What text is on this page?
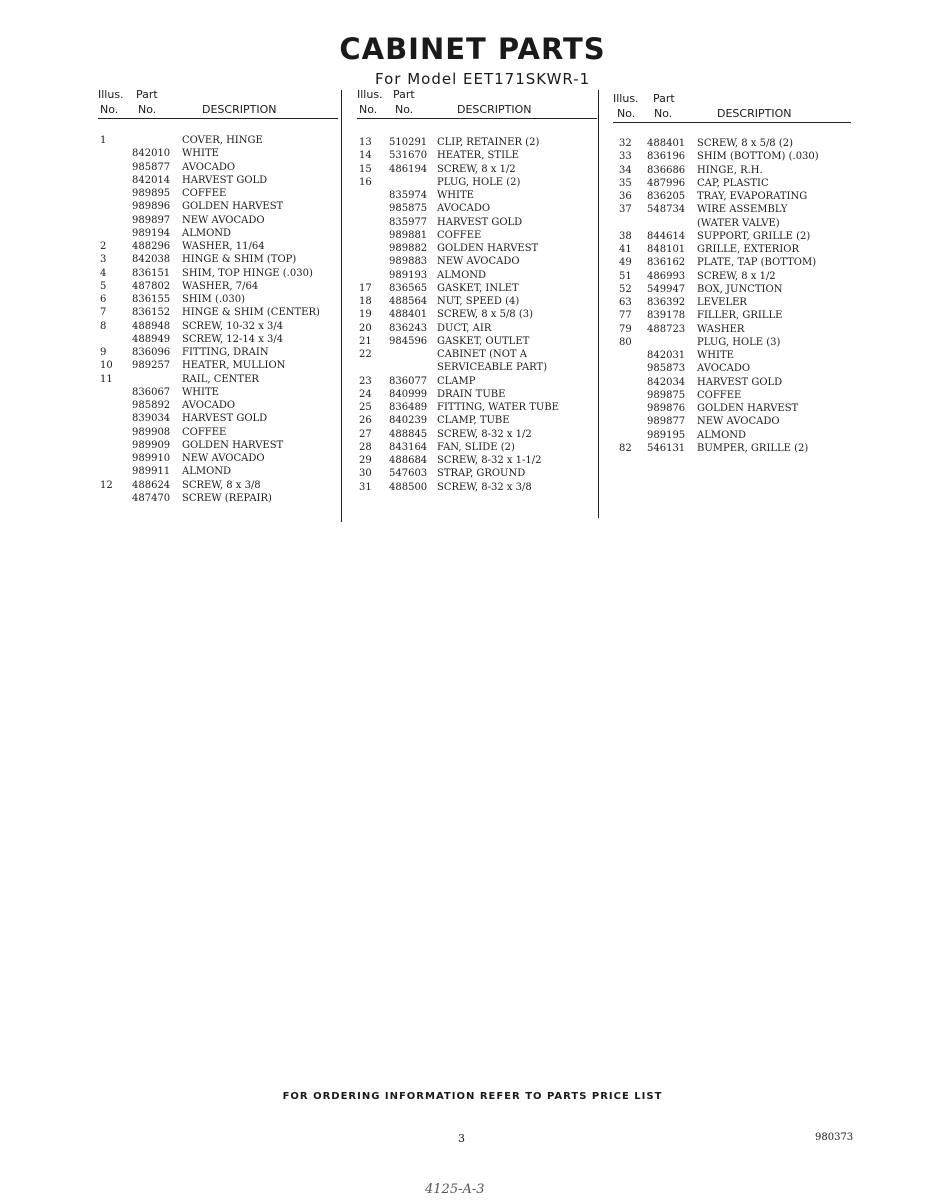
CABINET PARTS
For Model EET171SKWR-1
Illus. Part
No. No.	DESCRIPTION
1	COVER, HINGE
842010 WHITE
985877 AVOCADO
842014 HARVEST GOLD
989895 COFFEE
989896 GOLDEN HARVEST
989897 NEW AVOCADO
989194 ALMOND
2	488296 WASHER, 11/64
3	842038 HINGE & SHIM (TOP)
4	836151 SHIM, TOP HINGE (.030)
5	487802 WASHER, 7/64
6	836155 SHIM (.030)
7	836152 HINGE & SHIM (CENTER)
8	488948 SCREW, 10-32 x 3/4
488949 SCREW, 12-14 x 3/4
9	836096 FITTING, DRAIN
10 989257 HEATER, MULLION
11	RAIL, CENTER
836067 WHITE
985892 AVOCADO
839034 HARVEST GOLD
989908 COFFEE
989909 GOLDEN HARVEST
989910 NEW AVOCADO
989911 ALMOND
12 488624 SCREW, 8 x 3/8
487470 SCREW (REPAIR)
Illus. Part
No. No.	DESCRIPTION
13 510291 CLIP, RETAINER (2)
14 531670 HEATER, STILE
15 486194 SCREW, 8 x 1/2
16	PLUG, HOLE (2)
835974 WHITE
985875 AVOCADO
835977 HARVEST GOLD
989881 COFFEE
989882 GOLDEN HARVEST
989883 NEW AVOCADO
989193 ALMOND
17 836565 GASKET, INLET
18 488564 NUT, SPEED (4)
19 488401 SCREW, 8 x 5/8 (3)
20 836243 DUCT, AIR
21 984596 GASKET, OUTLET
22	CABINET (NOT A
SERVICEABLE PART)
23 836077 CLAMP
24 840999 DRAIN TUBE
25 836489 FITTING, WATER TUBE
26 840239 CLAMP, TUBE
27 488845 SCREW, 8-32 x 1/2
28 843164 FAN, SLIDE (2)
29 488684 SCREW, 8-32 x 1-1/2
30 547603 STRAP, GROUND
31 488500 SCREW, 8-32 x 3/8
Illus. Part
No. No.	DESCRIPTION
32 488401 SCREW, 8 x 5/8 (2)
33 836196 SHIM (BOTTOM) (.030)
34 836686 HINGE, R.H.
35 487996 CAP, PLASTIC
36 836205 TRAY, EVAPORATING
37 548734 WIRE ASSEMBLY
(WATER VALVE)
38 844614 SUPPORT, GRILLE (2)
41 848101 GRILLE, EXTERIOR
49 836162 PLATE, TAP (BOTTOM)
51 486993 SCREW, 8 x 1/2
52 549947 BOX, JUNCTION
63 836392 LEVELER
77 839178 FILLER, GRILLE
79 488723 WASHER
80	PLUG, HOLE (3)
842031 WHITE
985873 AVOCADO
842034 HARVEST GOLD
989875 COFFEE
989876 GOLDEN HARVEST
989877 NEW AVOCADO
989195 ALMOND
82 546131 BUMPER, GRILLE (2)
FOR ORDERING INFORMATION REFER TO PARTS PRICE LIST
3	980373
4125-A-3
